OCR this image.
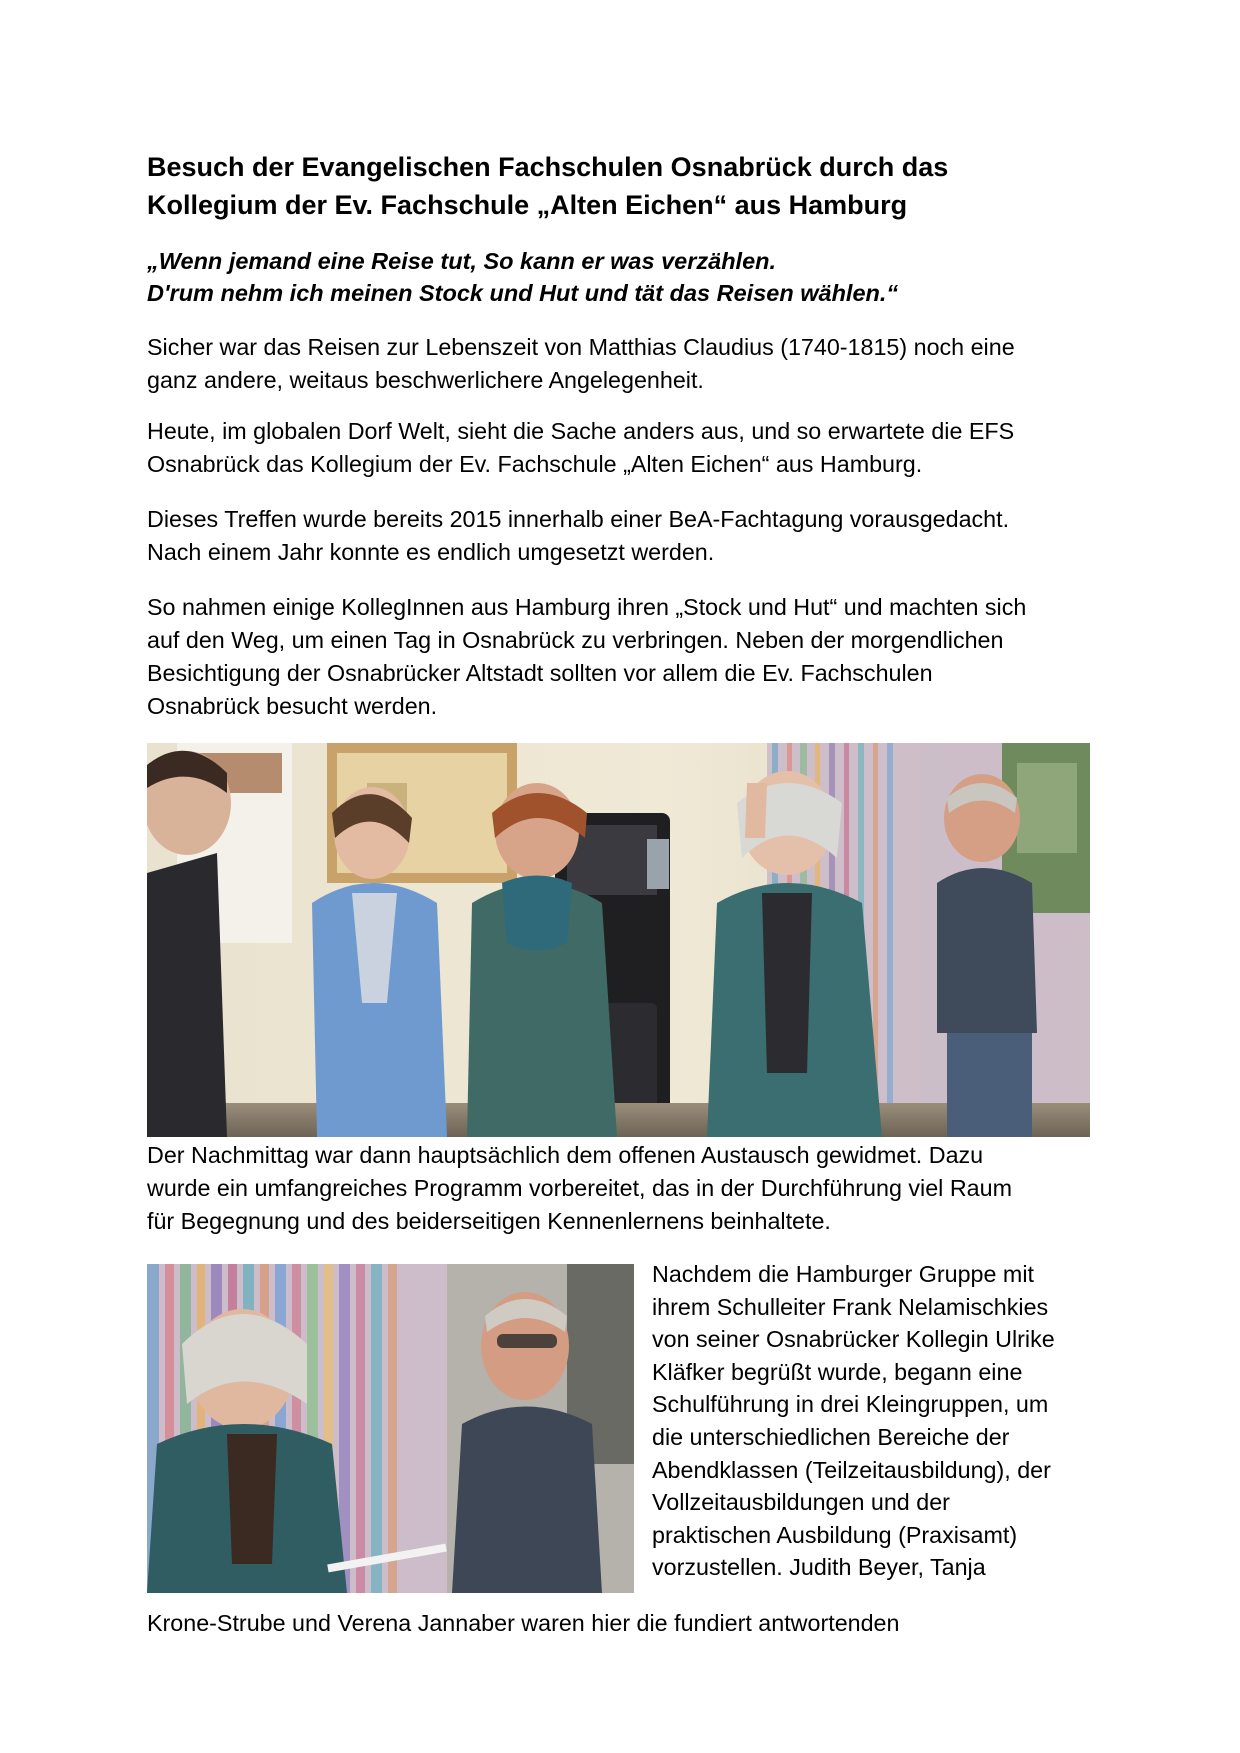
Besuch der Evangelischen Fachschulen Osnabrück durch das
Kollegium der Ev. Fachschule „Alten Eichen“ aus Hamburg

„Wenn jemand eine Reise tut, So kann er was verzählen.
D'rum nehm ich meinen Stock und Hut und tät das Reisen wählen.“

Sicher war das Reisen zur Lebenszeit von Matthias Claudius (1740-1815) noch eine
ganz andere, weitaus beschwerlichere Angelegenheit.

Heute, im globalen Dorf Welt, sieht die Sache anders aus, und so erwartete die EFS
Osnabrück das Kollegium der Ev. Fachschule „Alten Eichen“ aus Hamburg.

Dieses Treffen wurde bereits 2015 innerhalb einer BeA-Fachtagung vorausgedacht.
Nach einem Jahr konnte es endlich umgesetzt werden.

So nahmen einige KollegInnen aus Hamburg ihren „Stock und Hut“ und machten sich
auf den Weg, um einen Tag in Osnabrück zu verbringen. Neben der morgendlichen
Besichtigung der Osnabrücker Altstadt sollten vor allem die Ev. Fachschulen
Osnabrück besucht werden.

Der Nachmittag war dann hauptsächlich dem offenen Austausch gewidmet. Dazu
wurde ein umfangreiches Programm vorbereitet, das in der Durchführung viel Raum
für Begegnung und des beiderseitigen Kennenlernens beinhaltete.

Nachdem die Hamburger Gruppe mit
ihrem Schulleiter Frank Nelamischkies
von seiner Osnabrücker Kollegin Ulrike
Kläfker begrüßt wurde, begann eine
Schulführung in drei Kleingruppen, um
die unterschiedlichen Bereiche der
Abendklassen (Teilzeitausbildung), der
Vollzeitausbildungen und der
praktischen Ausbildung (Praxisamt)
vorzustellen. Judith Beyer, Tanja

Krone-Strube und Verena Jannaber waren hier die fundiert antwortenden
